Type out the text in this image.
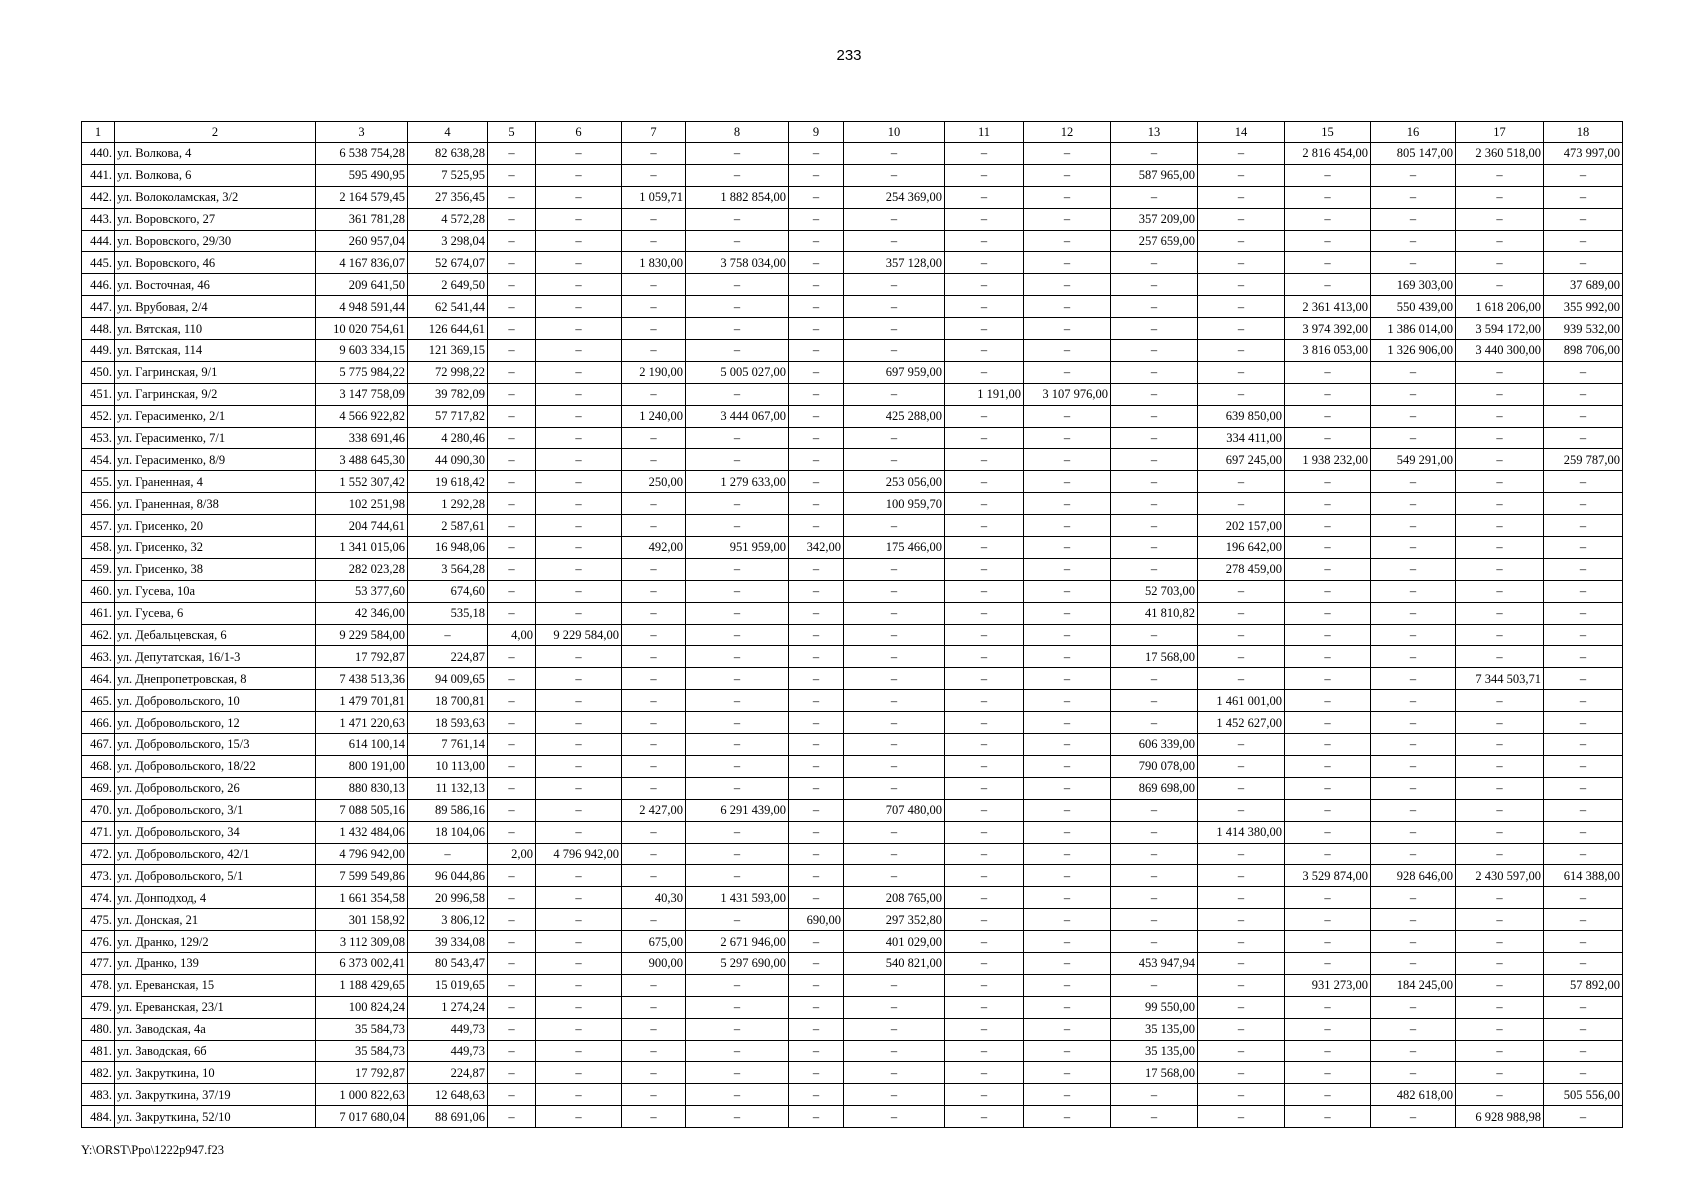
233
1	2	3	4	5	6	7	8	9	10	11	12	13	14	15	16	17	18
440.	ул. Волкова, 4	6 538 754,28	82 638,28	–	–	–	–	–	–	–	–	–	–	2 816 454,00	805 147,00	2 360 518,00	473 997,00
441.	ул. Волкова, 6	595 490,95	7 525,95	–	–	–	–	–	–	–	–	587 965,00	–	–	–	–	–
442.	ул. Волоколамская, 3/2	2 164 579,45	27 356,45	–	–	1 059,71	1 882 854,00	–	254 369,00	–	–	–	–	–	–	–	–
443.	ул. Воровского, 27	361 781,28	4 572,28	–	–	–	–	–	–	–	–	357 209,00	–	–	–	–	–
444.	ул. Воровского, 29/30	260 957,04	3 298,04	–	–	–	–	–	–	–	–	257 659,00	–	–	–	–	–
445.	ул. Воровского, 46	4 167 836,07	52 674,07	–	–	1 830,00	3 758 034,00	–	357 128,00	–	–	–	–	–	–	–	–
446.	ул. Восточная, 46	209 641,50	2 649,50	–	–	–	–	–	–	–	–	–	–	–	169 303,00	–	37 689,00
447.	ул. Врубовая, 2/4	4 948 591,44	62 541,44	–	–	–	–	–	–	–	–	–	–	2 361 413,00	550 439,00	1 618 206,00	355 992,00
448.	ул. Вятская, 110	10 020 754,61	126 644,61	–	–	–	–	–	–	–	–	–	–	3 974 392,00	1 386 014,00	3 594 172,00	939 532,00
449.	ул. Вятская, 114	9 603 334,15	121 369,15	–	–	–	–	–	–	–	–	–	–	3 816 053,00	1 326 906,00	3 440 300,00	898 706,00
450.	ул. Гагринская, 9/1	5 775 984,22	72 998,22	–	–	2 190,00	5 005 027,00	–	697 959,00	–	–	–	–	–	–	–	–
451.	ул. Гагринская, 9/2	3 147 758,09	39 782,09	–	–	–	–	–	–	1 191,00	3 107 976,00	–	–	–	–	–	–
452.	ул. Герасименко, 2/1	4 566 922,82	57 717,82	–	–	1 240,00	3 444 067,00	–	425 288,00	–	–	–	639 850,00	–	–	–	–
453.	ул. Герасименко, 7/1	338 691,46	4 280,46	–	–	–	–	–	–	–	–	–	334 411,00	–	–	–	–
454.	ул. Герасименко, 8/9	3 488 645,30	44 090,30	–	–	–	–	–	–	–	–	–	697 245,00	1 938 232,00	549 291,00	–	259 787,00
455.	ул. Граненная, 4	1 552 307,42	19 618,42	–	–	250,00	1 279 633,00	–	253 056,00	–	–	–	–	–	–	–	–
456.	ул. Граненная, 8/38	102 251,98	1 292,28	–	–	–	–	–	100 959,70	–	–	–	–	–	–	–	–
457.	ул. Грисенко, 20	204 744,61	2 587,61	–	–	–	–	–	–	–	–	–	202 157,00	–	–	–	–
458.	ул. Грисенко, 32	1 341 015,06	16 948,06	–	–	492,00	951 959,00	342,00	175 466,00	–	–	–	196 642,00	–	–	–	–
459.	ул. Грисенко, 38	282 023,28	3 564,28	–	–	–	–	–	–	–	–	–	278 459,00	–	–	–	–
460.	ул. Гусева, 10а	53 377,60	674,60	–	–	–	–	–	–	–	–	52 703,00	–	–	–	–	–
461.	ул. Гусева, 6	42 346,00	535,18	–	–	–	–	–	–	–	–	41 810,82	–	–	–	–	–
462.	ул. Дебальцевская, 6	9 229 584,00	–	4,00	9 229 584,00	–	–	–	–	–	–	–	–	–	–	–	–
463.	ул. Депутатская, 16/1-3	17 792,87	224,87	–	–	–	–	–	–	–	–	17 568,00	–	–	–	–	–
464.	ул. Днепропетровская, 8	7 438 513,36	94 009,65	–	–	–	–	–	–	–	–	–	–	–	–	7 344 503,71	–
465.	ул. Добровольского, 10	1 479 701,81	18 700,81	–	–	–	–	–	–	–	–	–	1 461 001,00	–	–	–	–
466.	ул. Добровольского, 12	1 471 220,63	18 593,63	–	–	–	–	–	–	–	–	–	1 452 627,00	–	–	–	–
467.	ул. Добровольского, 15/3	614 100,14	7 761,14	–	–	–	–	–	–	–	–	606 339,00	–	–	–	–	–
468.	ул. Добровольского, 18/22	800 191,00	10 113,00	–	–	–	–	–	–	–	–	790 078,00	–	–	–	–	–
469.	ул. Добровольского, 26	880 830,13	11 132,13	–	–	–	–	–	–	–	–	869 698,00	–	–	–	–	–
470.	ул. Добровольского, 3/1	7 088 505,16	89 586,16	–	–	2 427,00	6 291 439,00	–	707 480,00	–	–	–	–	–	–	–	–
471.	ул. Добровольского, 34	1 432 484,06	18 104,06	–	–	–	–	–	–	–	–	–	1 414 380,00	–	–	–	–
472.	ул. Добровольского, 42/1	4 796 942,00	–	2,00	4 796 942,00	–	–	–	–	–	–	–	–	–	–	–	–
473.	ул. Добровольского, 5/1	7 599 549,86	96 044,86	–	–	–	–	–	–	–	–	–	–	3 529 874,00	928 646,00	2 430 597,00	614 388,00
474.	ул. Донподход, 4	1 661 354,58	20 996,58	–	–	40,30	1 431 593,00	–	208 765,00	–	–	–	–	–	–	–	–
475.	ул. Донская, 21	301 158,92	3 806,12	–	–	–	–	690,00	297 352,80	–	–	–	–	–	–	–	–
476.	ул. Дранко, 129/2	3 112 309,08	39 334,08	–	–	675,00	2 671 946,00	–	401 029,00	–	–	–	–	–	–	–	–
477.	ул. Дранко, 139	6 373 002,41	80 543,47	–	–	900,00	5 297 690,00	–	540 821,00	–	–	453 947,94	–	–	–	–	–
478.	ул. Ереванская, 15	1 188 429,65	15 019,65	–	–	–	–	–	–	–	–	–	–	931 273,00	184 245,00	–	57 892,00
479.	ул. Ереванская, 23/1	100 824,24	1 274,24	–	–	–	–	–	–	–	–	99 550,00	–	–	–	–	–
480.	ул. Заводская, 4а	35 584,73	449,73	–	–	–	–	–	–	–	–	35 135,00	–	–	–	–	–
481.	ул. Заводская, 6б	35 584,73	449,73	–	–	–	–	–	–	–	–	35 135,00	–	–	–	–	–
482.	ул. Закруткина, 10	17 792,87	224,87	–	–	–	–	–	–	–	–	17 568,00	–	–	–	–	–
483.	ул. Закруткина, 37/19	1 000 822,63	12 648,63	–	–	–	–	–	–	–	–	–	–	–	482 618,00	–	505 556,00
484.	ул. Закруткина, 52/10	7 017 680,04	88 691,06	–	–	–	–	–	–	–	–	–	–	–	–	6 928 988,98	–
Y:\ORST\Ppo\1222p947.f23
